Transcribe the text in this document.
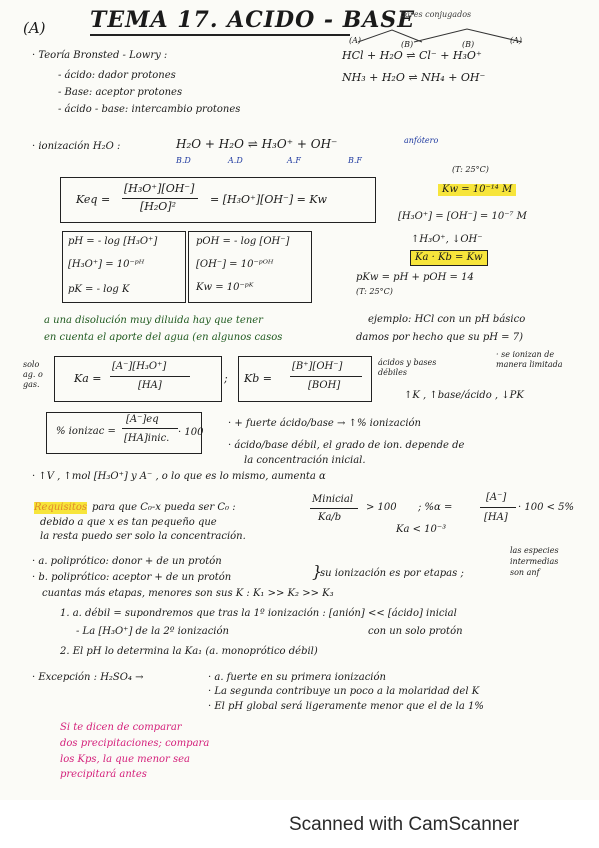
(A) TEMA 17. ACIDO - BASE
pares conjugados
(A)	(B)	(B)	(A)
HCl + H₂O ⇌ Cl⁻ + H₃O⁺
NH₃ + H₂O ⇌ NH₄ + OH⁻
· Teoría Bronsted - Lowry :
- ácido: dador protones
- Base: aceptor protones
- ácido - base: intercambio protones
· ionización H₂O :	H₂O + H₂O ⇌ H₃O⁺ + OH⁻
B.D	A.D	A.F	B.F
anfótero
Keq =
[H₃O⁺][OH⁻]
[H₂O]²
= [H₃O⁺][OH⁻] = Kw
(T: 25°C)
Kw = 10⁻¹⁴ M
[H₃O⁺] = [OH⁻] = 10⁻⁷ M
↑H₃O⁺, ↓OH⁻
Ka · Kb = Kw
pH = - log [H₃O⁺]
[H₃O⁺] = 10⁻ᵖᴴ
pK = - log K
pOH = - log [OH⁻]
[OH⁻] = 10⁻ᵖᴼᴴ
Kw = 10⁻ᵖᴷ
pKw = pH + pOH = 14
(T: 25°C)
a una disolución muy diluida hay que tener
en cuenta el aporte del agua (en algunos casos
ejemplo: HCl con un pH básico
damos por hecho que su pH = 7)
solo
ag. o
gas.	Ka =
[A⁻][H₃O⁺]
[HA]
; Kb =
[B⁺][OH⁻]
[BOH]
ácidos y bases
débiles
· se ionizan de
manera limitada
↑K , ↑base/ácido , ↓PK
% ionizac =
[A⁻]eq
[HA]inic.
· 100
· + fuerte ácido/base → ↑% ionización
· ácido/base débil, el grado de ion. depende de
la concentración inicial.
· ↑V , ↑mol [H₃O⁺] y A⁻ , o lo que es lo mismo, aumenta α
Requisitos para que C₀-x pueda ser C₀ :
Minicial
Ka/b
> 100 ; %α =
[A⁻]
[HA]
· 100 < 5%
Ka < 10⁻³
debido a que x es tan pequeño que
la resta puedo ser solo la concentración.
· a. poliprótico: donor + de un protón
· b. poliprótico: aceptor + de un protón	}
su ionización es por etapas ;
las especies
intermedias
son anf
cuantas más etapas, menores son sus K : K₁ >> K₂ >> K₃
1. a. débil = supondremos que tras la 1º ionización : [anión] << [ácido] inicial
- La [H₃O⁺] de la 2º ionización	con un solo protón
2. El pH lo determina la Ka₁ (a. monoprótico débil)
· Excepción : H₂SO₄ →	· a. fuerte en su primera ionización
· La segunda contribuye un poco a la molaridad del K
· El pH global será ligeramente menor que el de la 1%
Si te dicen de comparar
dos precipitaciones; compara
los Kps, la que menor sea
precipitará antes
Scanned with CamScanner
